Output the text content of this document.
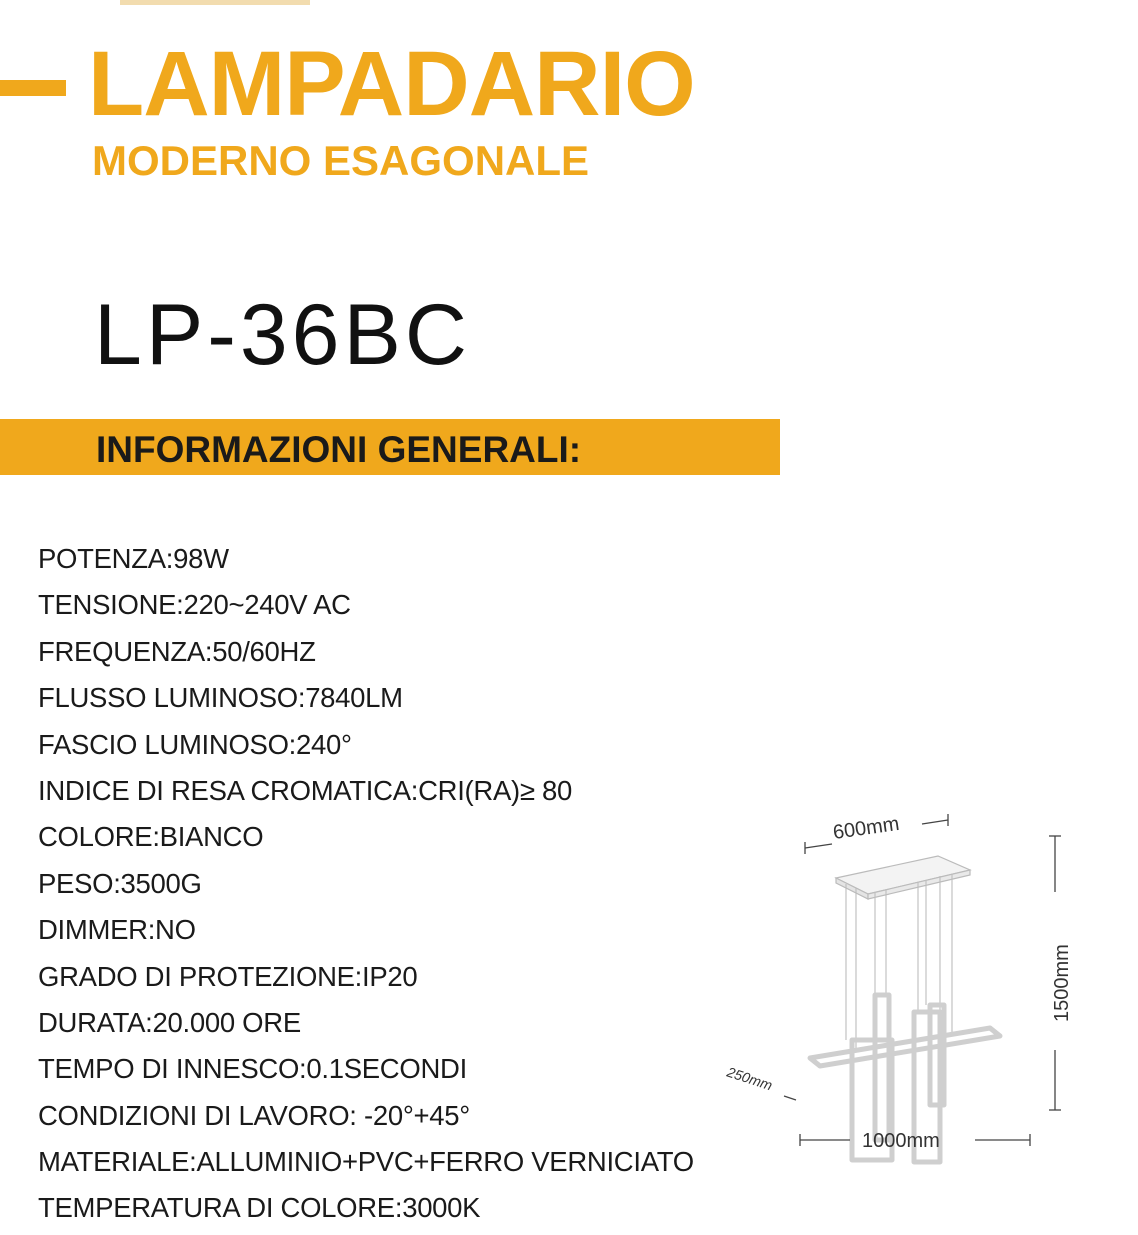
LAMPADARIO
MODERNO ESAGONALE
LP-36BC
INFORMAZIONI GENERALI:
POTENZA:98W
TENSIONE:220~240V AC
FREQUENZA:50/60HZ
FLUSSO LUMINOSO:7840LM
FASCIO LUMINOSO:240°
INDICE DI RESA CROMATICA:CRI(RA)≥ 80
COLORE:BIANCO
PESO:3500G
DIMMER:NO
GRADO DI PROTEZIONE:IP20
DURATA:20.000 ORE
TEMPO DI INNESCO:0.1SECONDI
CONDIZIONI DI LAVORO: -20°+45°
MATERIALE:ALLUMINIO+PVC+FERRO VERNICIATO
TEMPERATURA DI COLORE:3000K
600mm
1500mm
250mm
1000mm
